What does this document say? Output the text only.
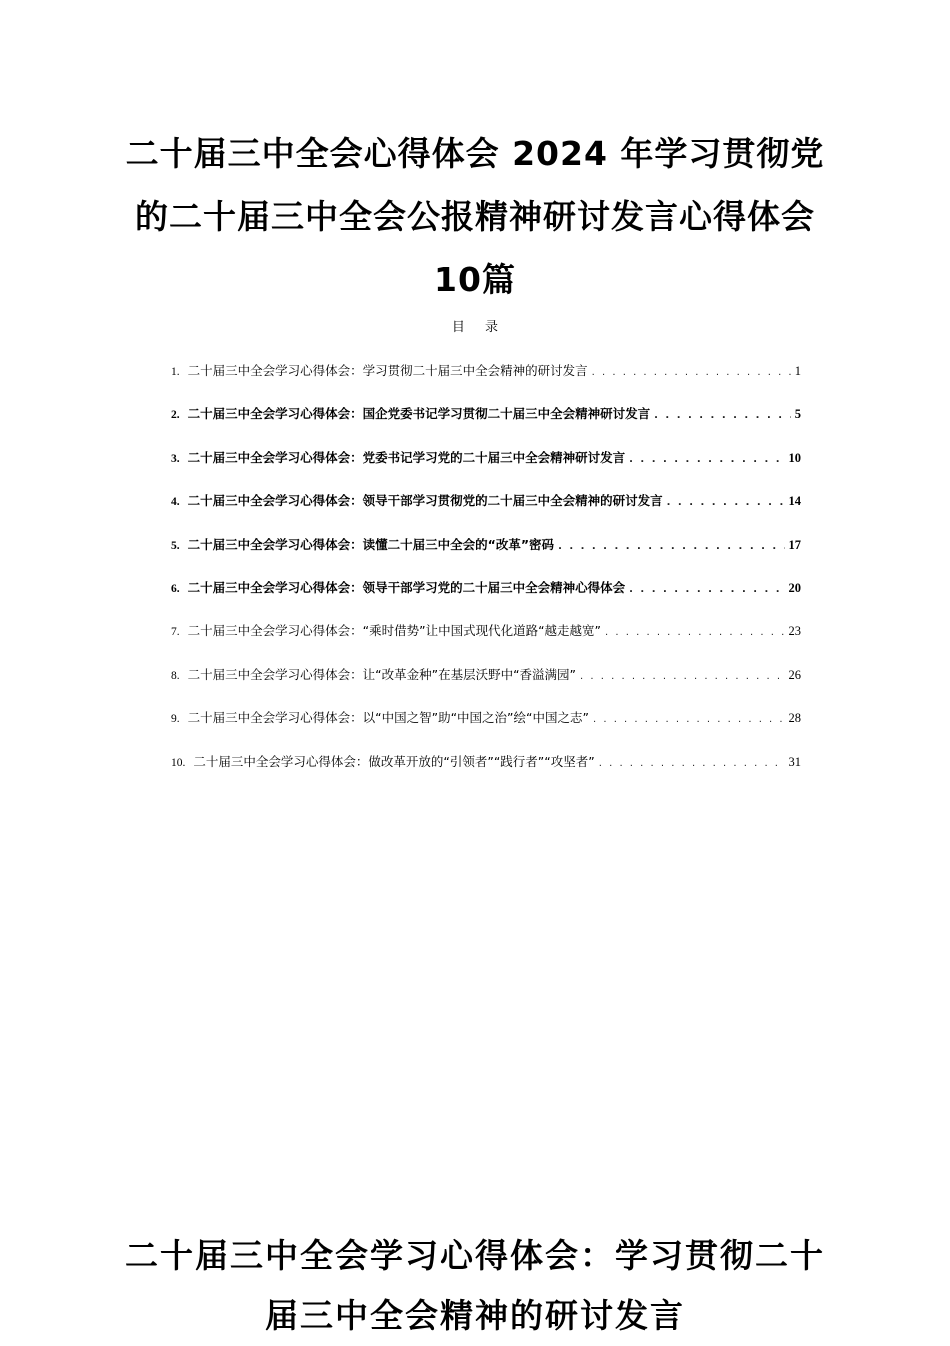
二十届三中全会心得体会 2024 年学习贯彻党的二十届三中全会公报精神研讨发言心得体会 10篇
目 录
1. 二十届三中全会学习心得体会：学习贯彻二十届三中全会精神的研讨发言 . . .	1
2. 二十届三中全会学习心得体会：国企党委书记学习贯彻二十届三中全会精神研讨发言 . . .	5
3. 二十届三中全会学习心得体会：党委书记学习党的二十届三中全会精神研讨发言 . . .	10
4. 二十届三中全会学习心得体会：领导干部学习贯彻党的二十届三中全会精神的研讨发言 . . .	14
5. 二十届三中全会学习心得体会：读懂二十届三中全会的“改革”密码 . . .	17
6. 二十届三中全会学习心得体会：领导干部学习党的二十届三中全会精神心得体会 . . .	20
7. 二十届三中全会学习心得体会：“乘时借势”让中国式现代化道路“越走越宽” . . .	23
8. 二十届三中全会学习心得体会：让“改革金种”在基层沃野中“香溢满园” . . .	26
9. 二十届三中全会学习心得体会：以“中国之智”助“中国之治”绘“中国之志” . . .	28
10. 二十届三中全会学习心得体会：做改革开放的“引领者”“践行者”“攻坚者” . . .	31
二十届三中全会学习心得体会：学习贯彻二十届三中全会精神的研讨发言
